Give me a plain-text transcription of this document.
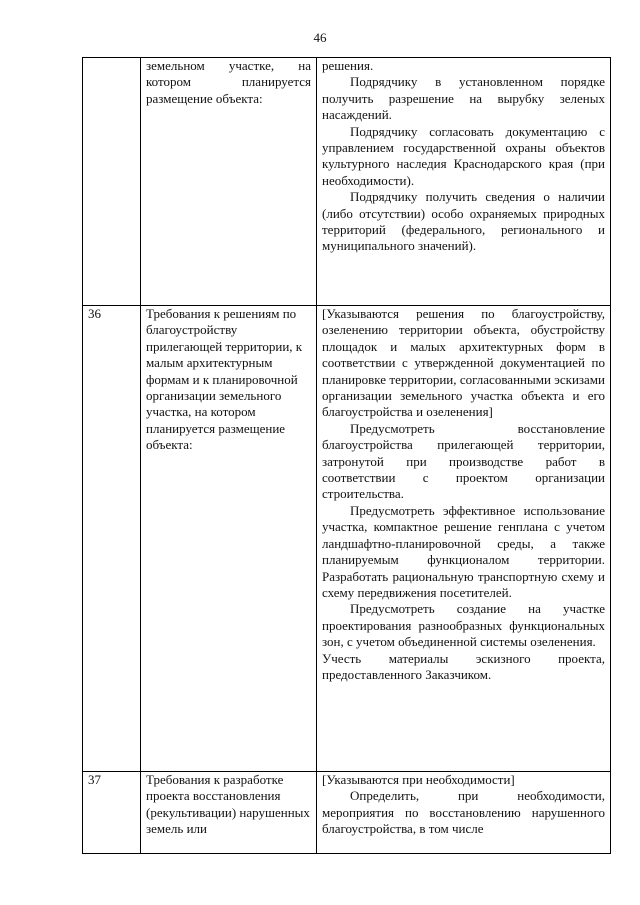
46
	земельном участке, на котором планируется размещение объекта:	решения.

Подрядчику в установленном порядке получить разрешение на вырубку зеленых насаждений.

Подрядчику согласовать документацию с управлением государственной охраны объектов культурного наследия Краснодарского края (при необходимости).

Подрядчику получить сведения о наличии (либо отсутствии) особо охраняемых природных территорий (федерального, регионального и муниципального значений).

36	Требования к решениям по благоустройству прилегающей территории, к малым архитектурным формам и к планировочной организации земельного участка, на котором планируется размещение объекта:	[Указываются решения по благоустройству, озеленению территории объекта, обустройству площадок и малых архитектурных форм в соответствии с утвержденной документацией по планировке территории, согласованными эскизами организации земельного участка объекта и его благоустройства и озеленения]

Предусмотреть восстановление благоустройства прилегающей территории, затронутой при производстве работ в соответствии с проектом организации строительства.

Предусмотреть эффективное использование участка, компактное решение генплана с учетом ландшафтно-планировочной среды, а также планируемым функционалом территории. Разработать рациональную транспортную схему и схему передвижения посетителей.

Предусмотреть создание на участке проектирования разнообразных функциональных зон, с учетом объединенной системы озеленения.

Учесть материалы эскизного проекта, предоставленного Заказчиком.

37	Требования к разработке проекта восстановления (рекультивации) нарушенных земель или	[Указываются при необходимости]

Определить, при необходимости, мероприятия по восстановлению нарушенного благоустройства, в том числе
